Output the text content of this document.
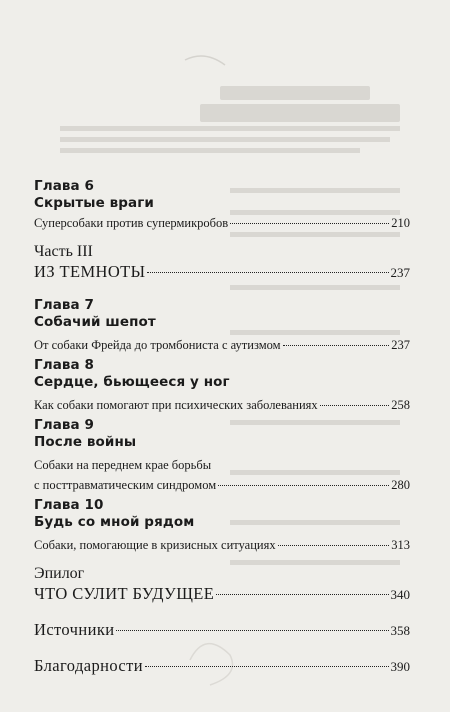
Глава 6
Скрытые враги
Суперсобаки против супермикробов	210
Часть III
ИЗ ТЕМНОТЫ	237
Глава 7
Собачий шепот
От собаки Фрейда до тромбониста с аутизмом	237
Глава 8
Сердце, бьющееся у ног
Как собаки помогают при психических заболеваниях	258
Глава 9
После войны
Собаки на переднем крае борьбы
с посттравматическим синдромом	280
Глава 10
Будь со мной рядом
Собаки, помогающие в кризисных ситуациях	313
Эпилог
ЧТО СУЛИТ БУДУЩЕЕ	340
Источники	358
Благодарности	390
